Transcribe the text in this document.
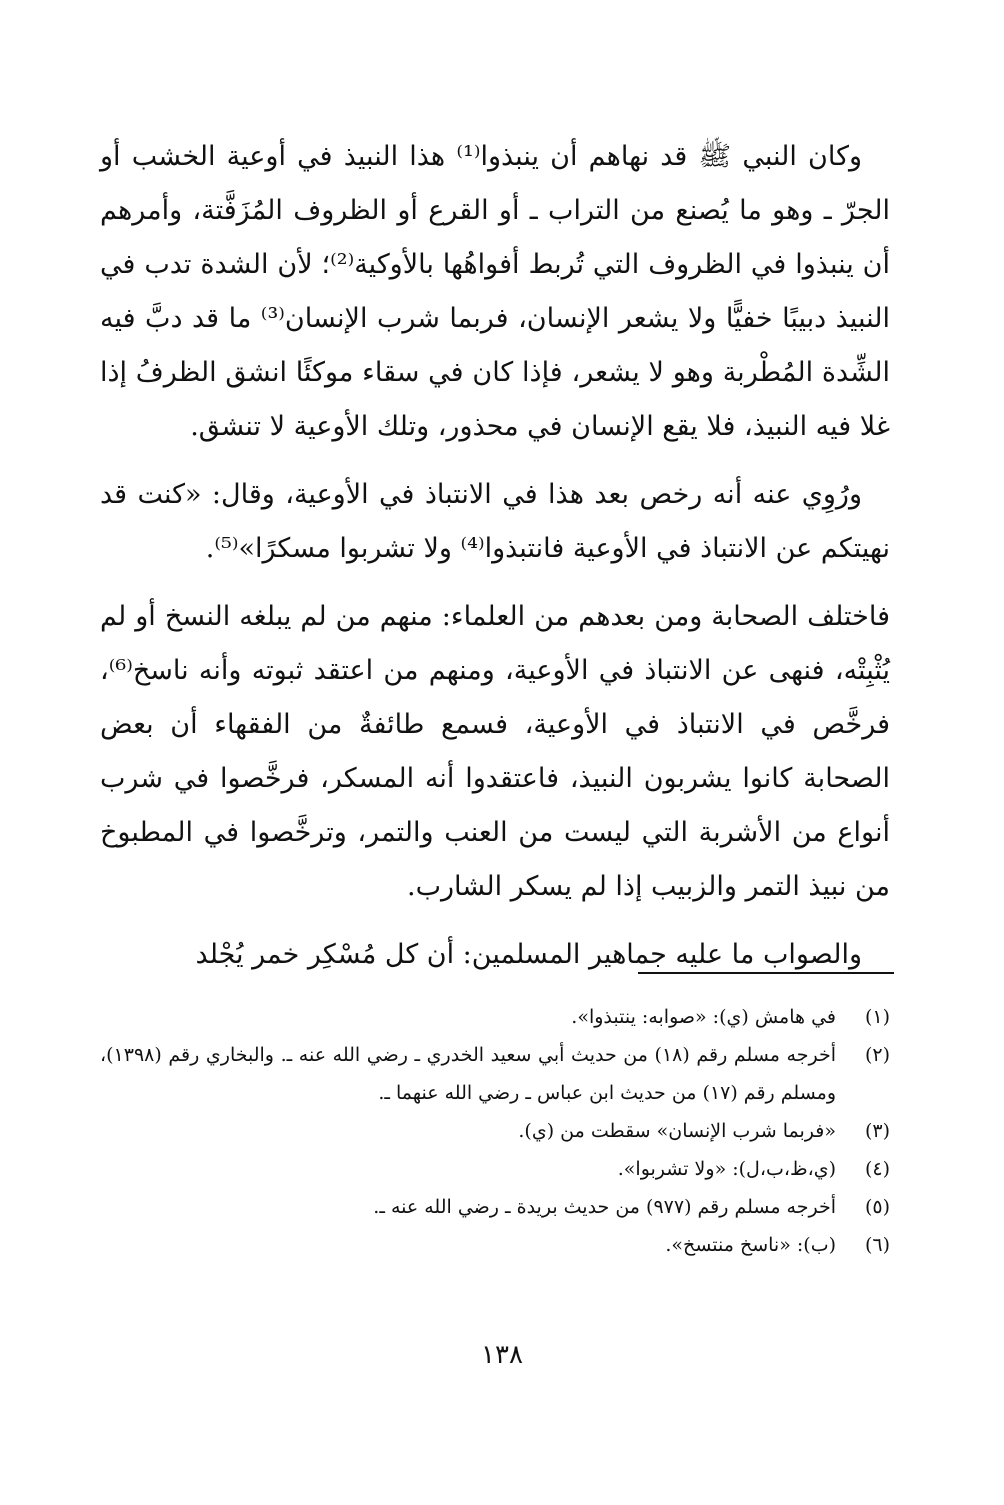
وكان النبي ﷺ قد نهاهم أن ينبذوا⁽¹⁾ هذا النبيذ في أوعية الخشب أو الجرّ ـ وهو ما يُصنع من التراب ـ أو القرع أو الظروف المُزَفَّتة، وأمرهم أن ينبذوا في الظروف التي تُربط أفواهُها بالأوكية⁽²⁾؛ لأن الشدة تدب في النبيذ دبيبًا خفيًّا ولا يشعر الإنسان، فربما شرب الإنسان⁽³⁾ ما قد دبَّ فيه الشِّدة المُطْربة وهو لا يشعر، فإذا كان في سقاء موكئًا انشق الظرفُ إذا غلا فيه النبيذ، فلا يقع الإنسان في محذور، وتلك الأوعية لا تنشق.

ورُوِي عنه أنه رخص بعد هذا في الانتباذ في الأوعية، وقال: «كنت قد نهيتكم عن الانتباذ في الأوعية فانتبذوا⁽⁴⁾ ولا تشربوا مسكرًا»⁽⁵⁾.

فاختلف الصحابة ومن بعدهم من العلماء: منهم من لم يبلغه النسخ أو لم يُثْبِتْه، فنهى عن الانتباذ في الأوعية، ومنهم من اعتقد ثبوته وأنه ناسخ⁽⁶⁾، فرخَّص في الانتباذ في الأوعية، فسمع طائفةٌ من الفقهاء أن بعض الصحابة كانوا يشربون النبيذ، فاعتقدوا أنه المسكر، فرخَّصوا في شرب أنواع من الأشربة التي ليست من العنب والتمر، وترخَّصوا في المطبوخ من نبيذ التمر والزبيب إذا لم يسكر الشارب.

والصواب ما عليه جماهير المسلمين: أن كل مُسْكِر خمر يُجْلد

(١)
في هامش (ي): «صوابه: ينتبذوا».
(٢)
أخرجه مسلم رقم (١٨) من حديث أبي سعيد الخدري ـ رضي الله عنه ـ. والبخاري رقم (١٣٩٨)، ومسلم رقم (١٧) من حديث ابن عباس ـ رضي الله عنهما ـ.
(٣)
«فربما شرب الإنسان» سقطت من (ي).
(٤)
(ي،ظ،ب،ل): «ولا تشربوا».
(٥)
أخرجه مسلم رقم (٩٧٧) من حديث بريدة ـ رضي الله عنه ـ.
(٦)
(ب): «ناسخ منتسخ».
١٣٨
